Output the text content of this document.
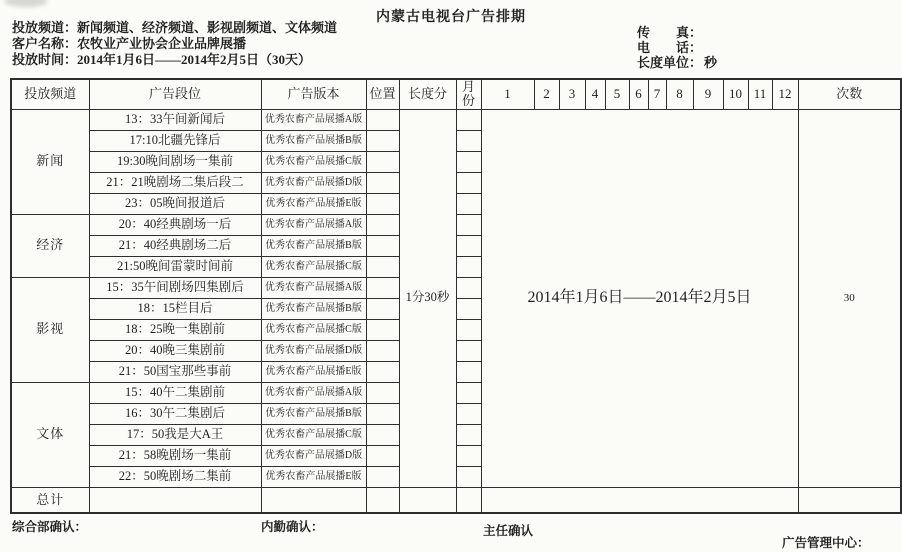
内蒙古电视台广告排期
投放频道：新闻频道、经济频道、影视剧频道、文体频道
客户名称：农牧业产业协会企业品牌展播
投放时间：2014年1月6日——2014年2月5日（30天）
传　　真：
电　　话：
长度单位： 秒
投放频道	广告段位	广告版本	位置	长度分	月份	1	2	3	4	5	6	7	8	9	10	11	12	次数
新闻	13：33午间新闻后	优秀农畜产品展播A版		1分30秒		2014年1月6日——2014年2月5日												30
	17:10北疆先锋后	优秀农畜产品展播B版																
	19:30晚间剧场一集前	优秀农畜产品展播C版																
	21：21晚剧场二集后段二	优秀农畜产品展播D版																
	23：05晚间报道后	优秀农畜产品展播E版																
经济	20：40经典剧场一后	优秀农畜产品展播A版																
	21：40经典剧场二后	优秀农畜产品展播B版																
	21:50晚间雷蒙时间前	优秀农畜产品展播C版																
影视	15：35午间剧场四集剧后	优秀农畜产品展播A版																
	18：15栏目后	优秀农畜产品展播B版																
	18：25晚一集剧前	优秀农畜产品展播C版																
	20：40晚三集剧前	优秀农畜产品展播D版																
	21：50国宝那些事前	优秀农畜产品展播E版																
文体	15：40午二集剧前	优秀农畜产品展播A版																
	16：30午二集剧后	优秀农畜产品展播B版																
	17：50我是大A王	优秀农畜产品展播C版																
	21：58晚剧场一集前	优秀农畜产品展播D版																
	22：50晚剧场二集前	优秀农畜产品展播E版																
总计																		
综合部确认：	内勤确认：	主任确认
广告管理中心：
